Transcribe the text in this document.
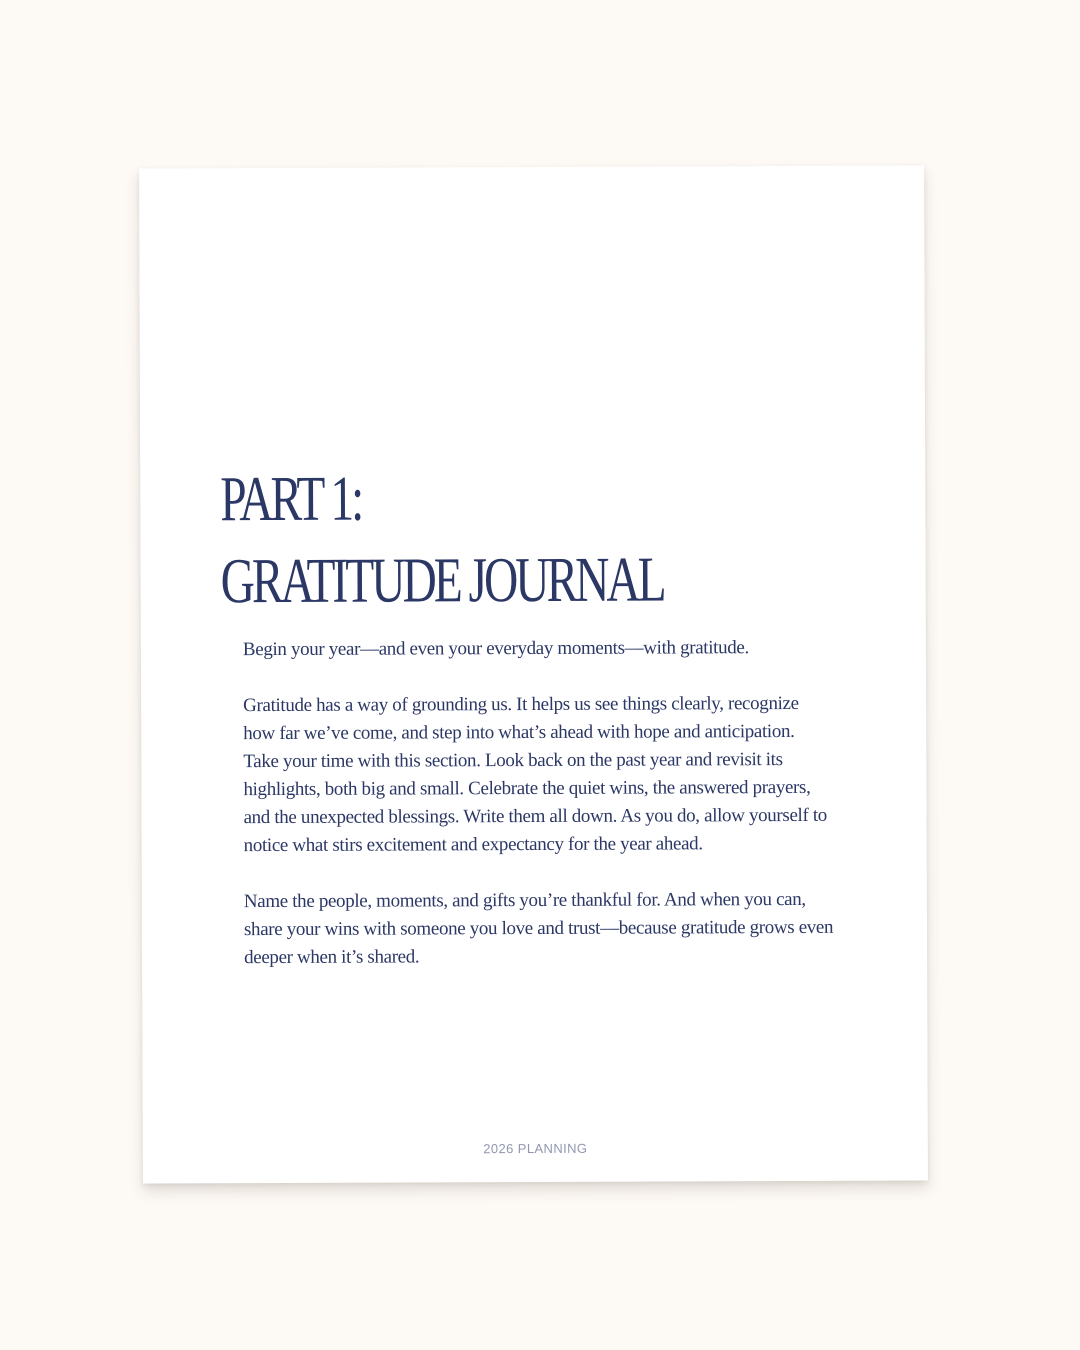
PART 1:
GRATITUDE JOURNAL

Begin your year—and even your everyday moments—with gratitude.

Gratitude has a way of grounding us. It helps us see things clearly, recognize how far we’ve come, and step into what’s ahead with hope and anticipation. Take your time with this section. Look back on the past year and revisit its highlights, both big and small. Celebrate the quiet wins, the answered prayers, and the unexpected blessings. Write them all down. As you do, allow yourself to notice what stirs excitement and expectancy for the year ahead.

Name the people, moments, and gifts you’re thankful for. And when you can, share your wins with someone you love and trust—because gratitude grows even deeper when it’s shared.

2026 PLANNING
